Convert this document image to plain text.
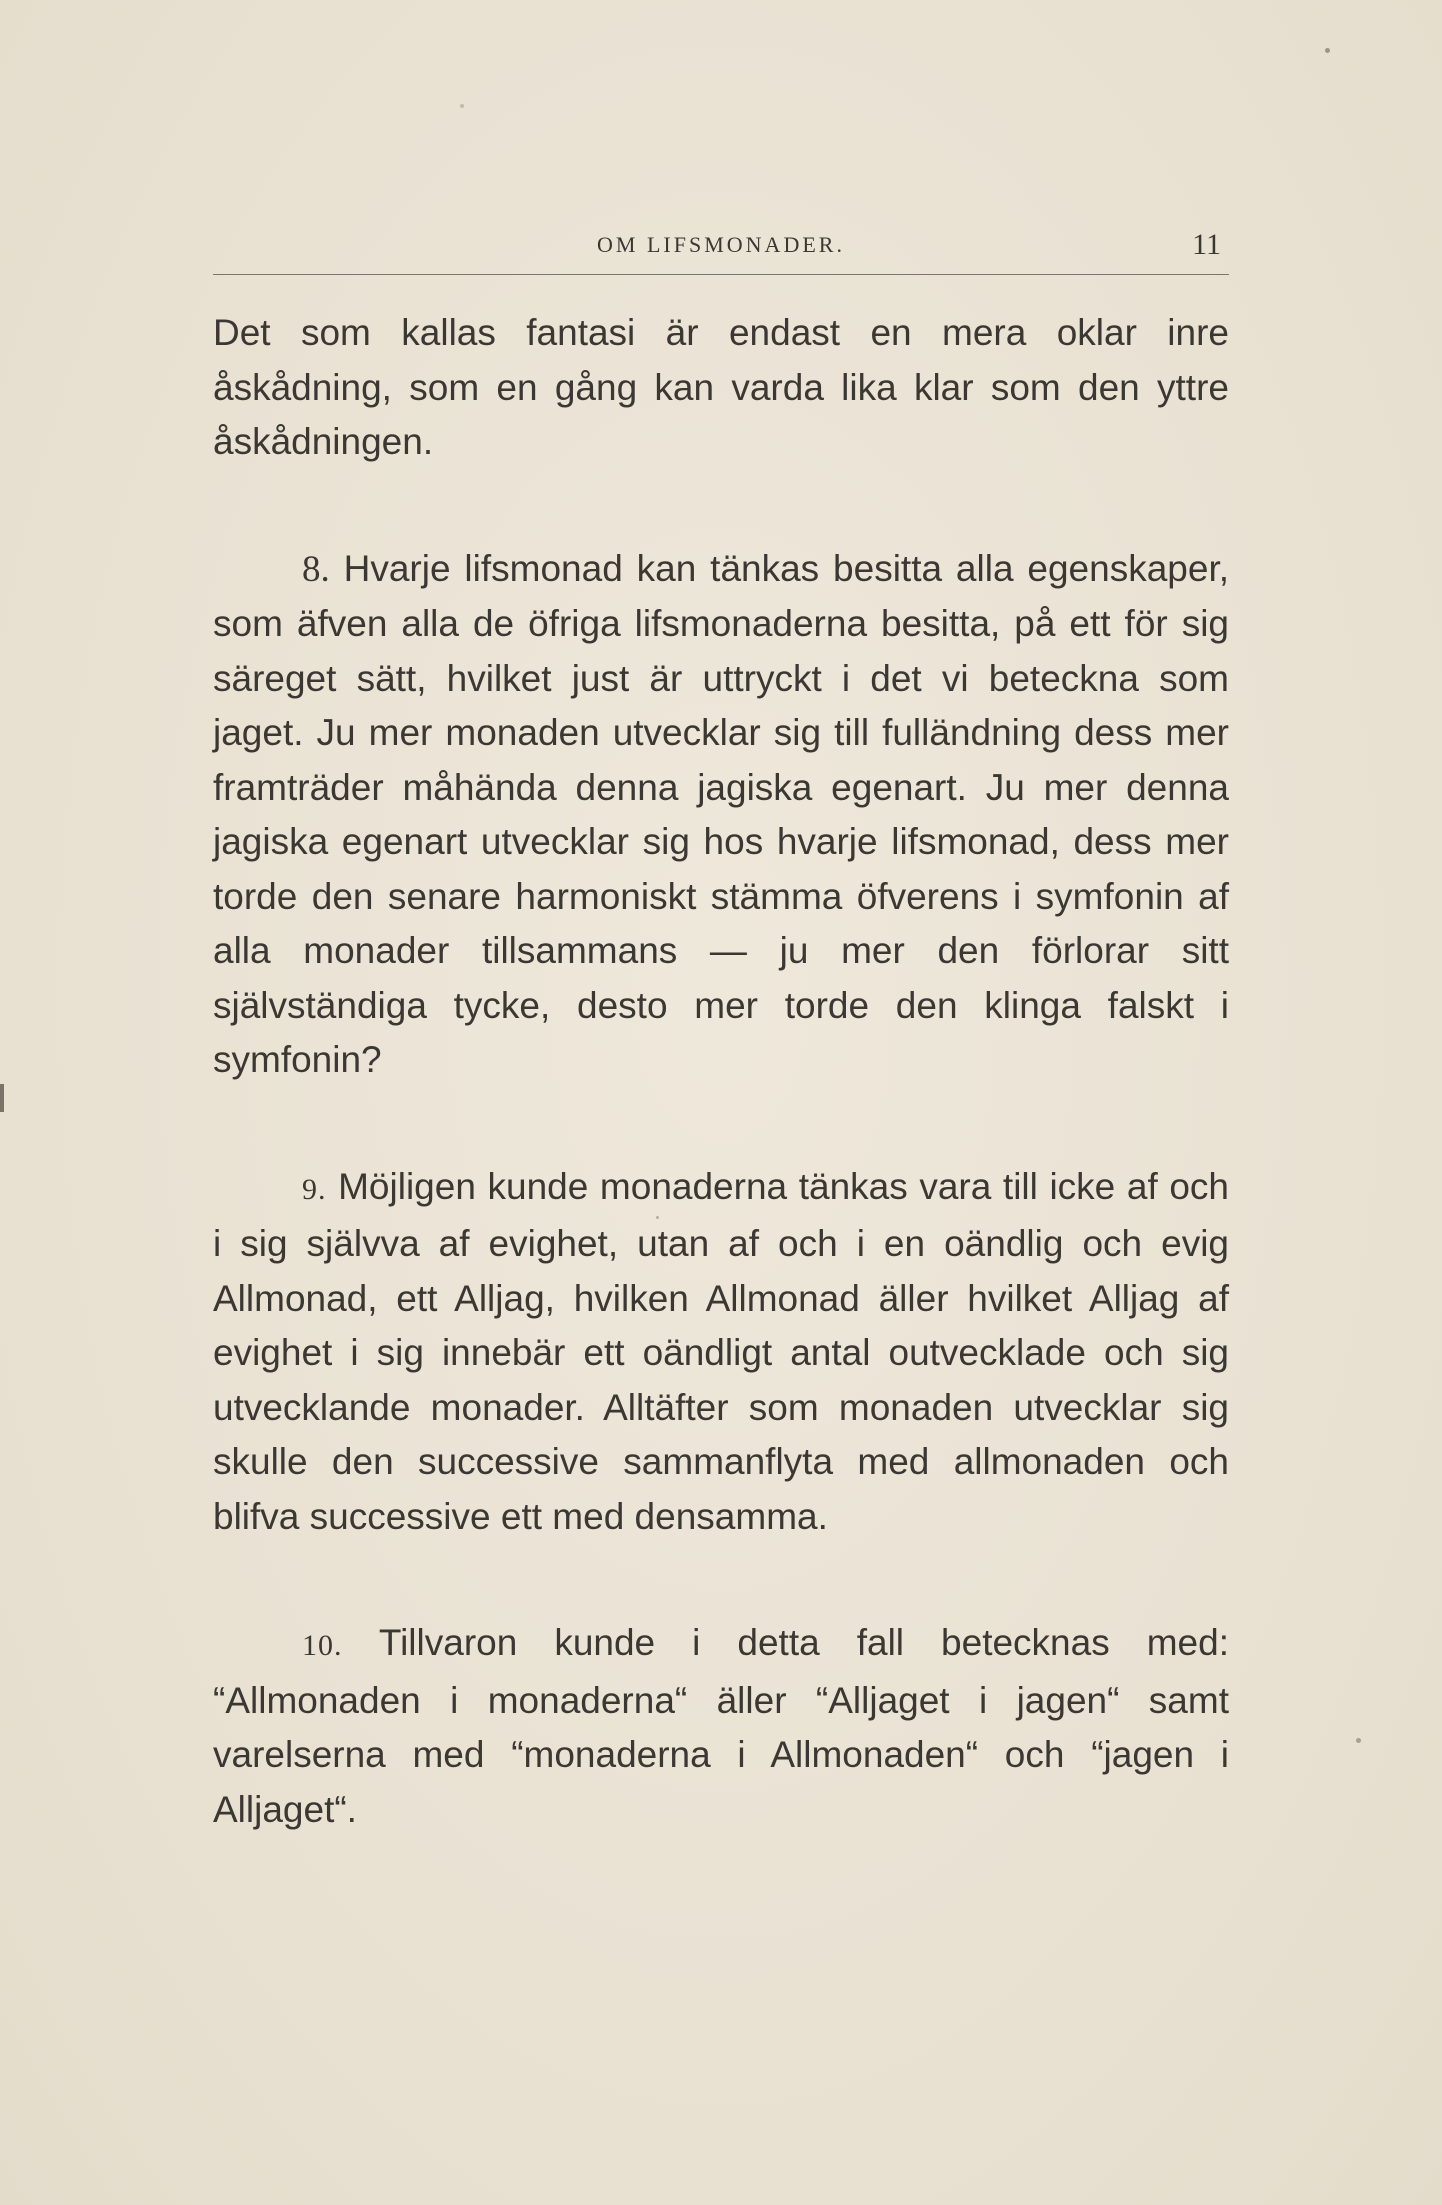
OM LIFSMONADER.	11

Det som kallas fantasi är endast en mera oklar inre åskådning, som en gång kan varda lika klar som den yttre åskådningen.

8. Hvarje lifsmonad kan tänkas besitta alla egenskaper, som äfven alla de öfriga lifsmonaderna besitta, på ett för sig säreget sätt, hvilket just är uttryckt i det vi beteckna som jaget. Ju mer monaden utvecklar sig till fulländning dess mer framträder måhända denna jagiska egenart. Ju mer denna jagiska egenart utvecklar sig hos hvarje lifsmonad, dess mer torde den senare harmoniskt stämma öfverens i symfonin af alla monader tillsammans — ju mer den förlorar sitt självständiga tycke, desto mer torde den klinga falskt i symfonin?

9. Möjligen kunde monaderna tänkas vara till icke af och i sig självva af evighet, utan af och i en oändlig och evig Allmonad, ett Alljag, hvilken Allmonad äller hvilket Alljag af evighet i sig innebär ett oändligt antal outvecklade och sig utvecklande monader. Alltäfter som monaden utvecklar sig skulle den successive sammanflyta med allmonaden och blifva successive ett med densamma.

10. Tillvaron kunde i detta fall betecknas med: “Allmonaden i monaderna“ äller “Alljaget i jagen“ samt varelserna med “monaderna i Allmonaden“ och “jagen i Alljaget“.
